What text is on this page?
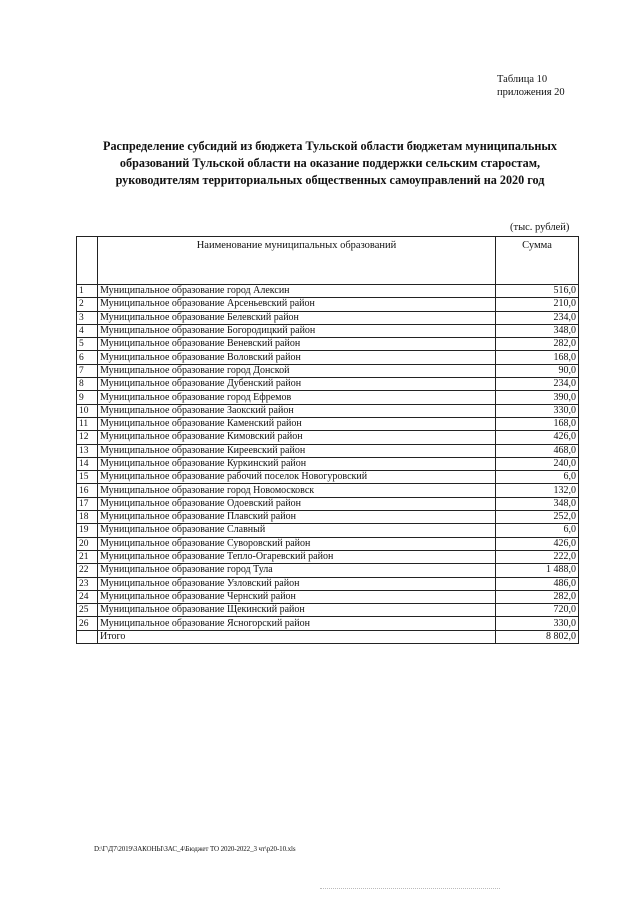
Таблица 10
приложения 20
Распределение субсидий из бюджета Тульской области бюджетам муниципальных
образований Тульской области на оказание поддержки сельским старостам,
руководителям территориальных общественных самоуправлений на 2020 год
(тыс. рублей)
	Наименование муниципальных образований	Сумма
1	Муниципальное образование город Алексин	516,0
2	Муниципальное образование Арсеньевский район	210,0
3	Муниципальное образование Белевский район	234,0
4	Муниципальное образование Богородицкий район	348,0
5	Муниципальное образование Веневский район	282,0
6	Муниципальное образование Воловский район	168,0
7	Муниципальное образование город Донской	90,0
8	Муниципальное образование Дубенский район	234,0
9	Муниципальное образование город Ефремов	390,0
10	Муниципальное образование Заокский район	330,0
11	Муниципальное образование Каменский район	168,0
12	Муниципальное образование Кимовский район	426,0
13	Муниципальное образование Киреевский район	468,0
14	Муниципальное образование Куркинский район	240,0
15	Муниципальное образование рабочий поселок Новогуровский	6,0
16	Муниципальное образование город Новомосковск	132,0
17	Муниципальное образование Одоевский район	348,0
18	Муниципальное образование Плавский район	252,0
19	Муниципальное образование Славный	6,0
20	Муниципальное образование Суворовский район	426,0
21	Муниципальное образование Тепло-Огаревский район	222,0
22	Муниципальное образование город Тула	1 488,0
23	Муниципальное образование Узловский район	486,0
24	Муниципальное образование Чернский район	282,0
25	Муниципальное образование Щекинский район	720,0
26	Муниципальное образование Ясногорский район	330,0
	Итого	8 802,0
D:\Г\Д7\2019\ЗАКОНЫ\ЗАС_4\Бюджет ТО 2020-2022_3 чт\р20-10.xls
